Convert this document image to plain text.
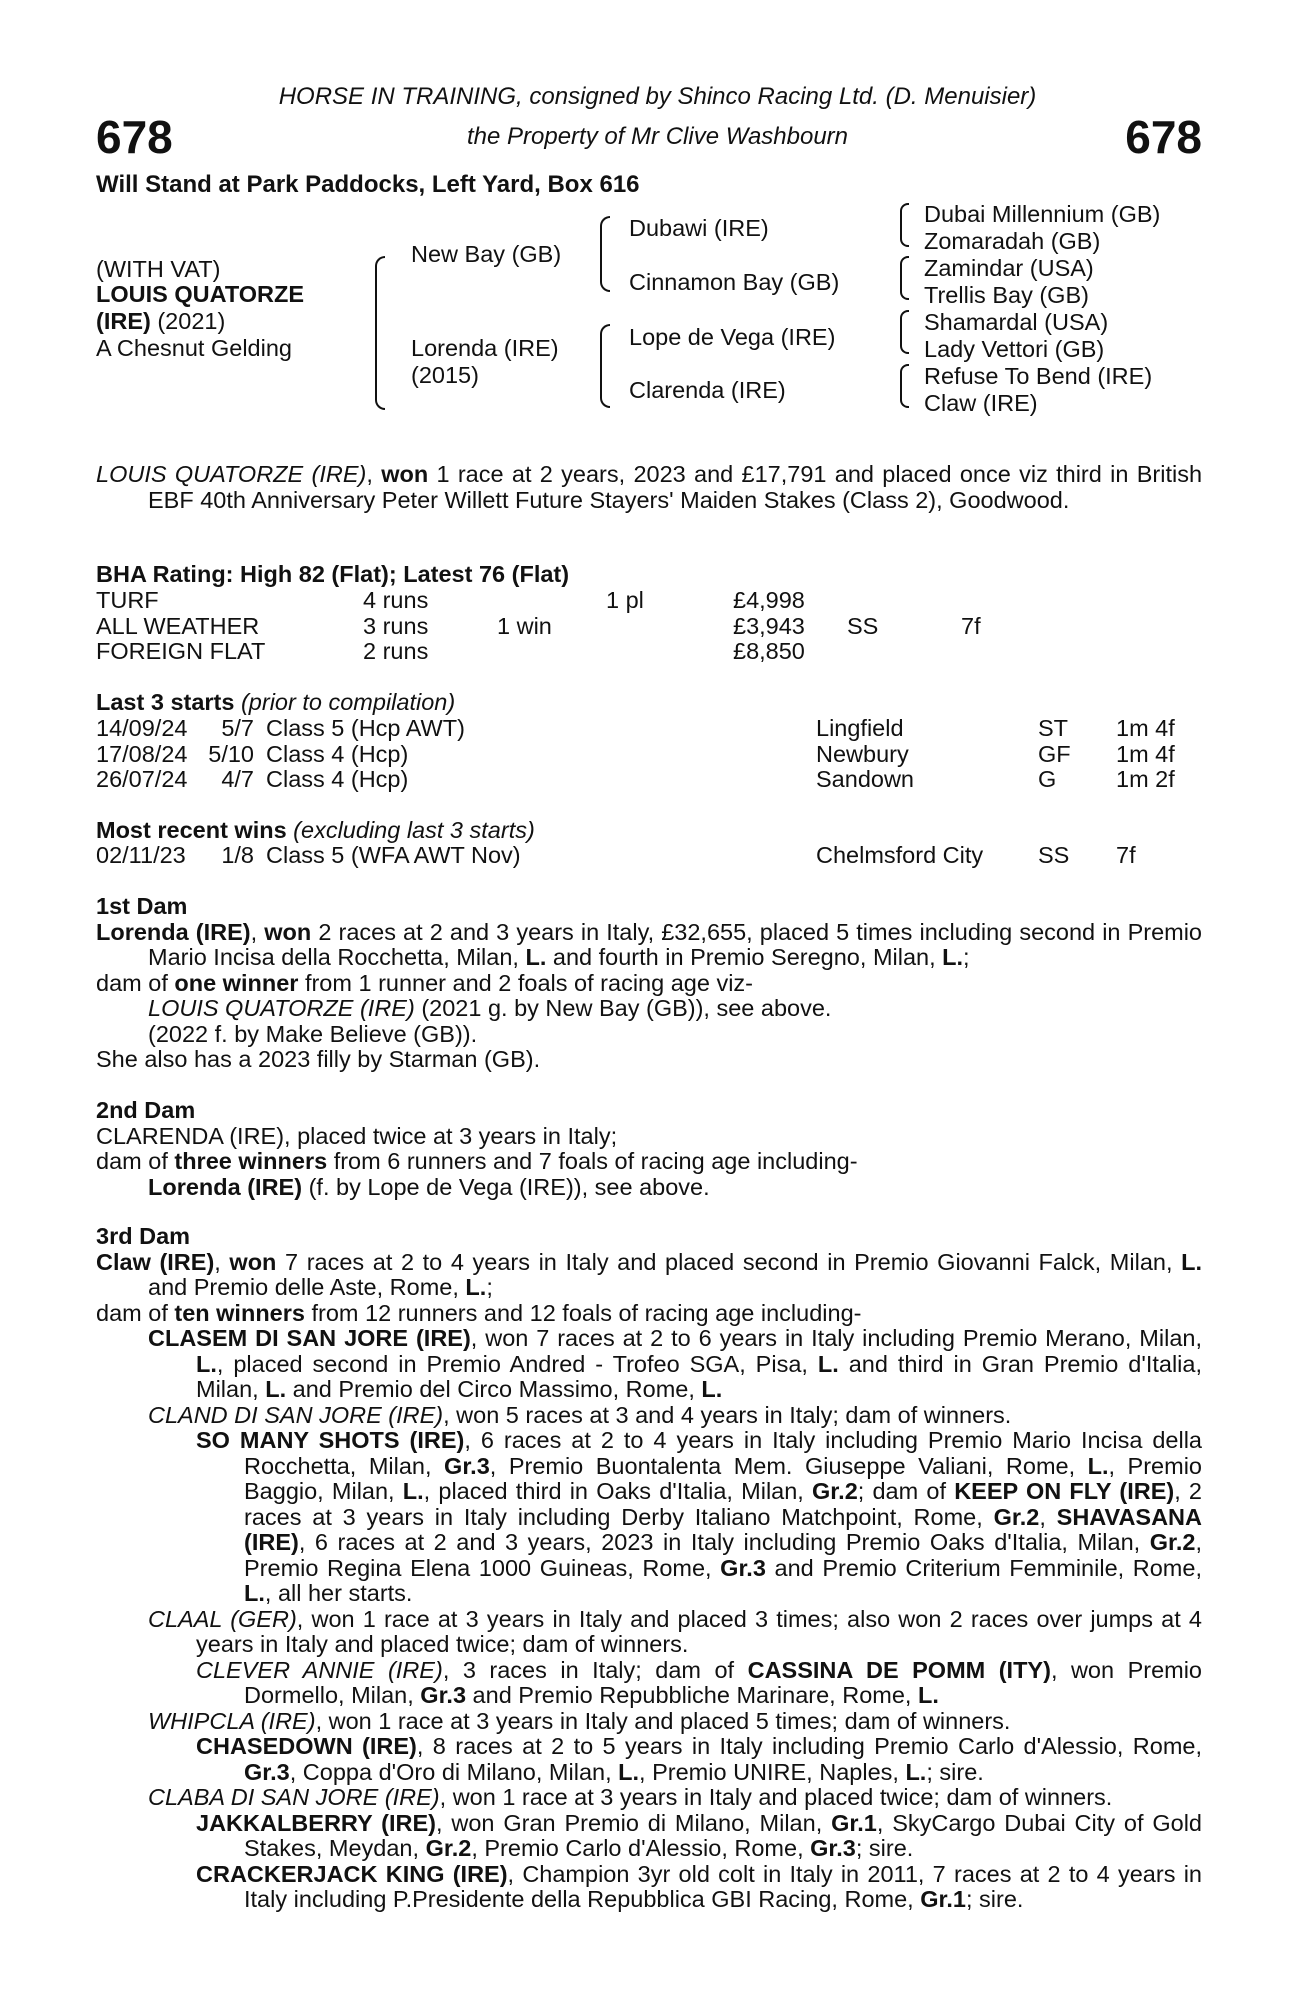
678	678
HORSE IN TRAINING, consigned by Shinco Racing Ltd. (D. Menuisier)
the Property of Mr Clive Washbourn
Will Stand at Park Paddocks, Left Yard, Box 616
(WITH VAT)
LOUIS QUATORZE
(IRE) (2021)
A Chesnut Gelding
New Bay (GB)
Lorenda (IRE)
(2015)
Dubawi (IRE)
Cinnamon Bay (GB)
Lope de Vega (IRE)
Clarenda (IRE)
Dubai Millennium (GB)
Zomaradah (GB)
Zamindar (USA)
Trellis Bay (GB)
Shamardal (USA)
Lady Vettori (GB)
Refuse To Bend (IRE)
Claw (IRE)

LOUIS QUATORZE (IRE), won 1 race at 2 years, 2023 and £17,791 and placed once viz third in British EBF 40th Anniversary Peter Willett Future Stayers' Maiden Stakes (Class 2), Goodwood.

BHA Rating: High 82 (Flat); Latest 76 (Flat)
TURF	4 runs		1 pl	£4,998		
ALL WEATHER	3 runs	1 win		£3,943	SS	7f
FOREIGN FLAT	2 runs			£8,850		
Last 3 starts (prior to compilation)
14/09/24	5/7	Class 5 (Hcp AWT)	Lingfield	ST	1m 4f
17/08/24	5/10	Class 4 (Hcp)	Newbury	GF	1m 4f
26/07/24	4/7	Class 4 (Hcp)	Sandown	G	1m 2f
Most recent wins (excluding last 3 starts)
02/11/23	1/8	Class 5 (WFA AWT Nov)	Chelmsford City	SS	7f

1st Dam

Lorenda (IRE), won 2 races at 2 and 3 years in Italy, £32,655, placed 5 times including second in Premio Mario Incisa della Rocchetta, Milan, L. and fourth in Premio Seregno, Milan, L.;

dam of one winner from 1 runner and 2 foals of racing age viz-

LOUIS QUATORZE (IRE) (2021 g. by New Bay (GB)), see above.

(2022 f. by Make Believe (GB)).

She also has a 2023 filly by Starman (GB).

2nd Dam

CLARENDA (IRE), placed twice at 3 years in Italy;

dam of three winners from 6 runners and 7 foals of racing age including-

Lorenda (IRE) (f. by Lope de Vega (IRE)), see above.

3rd Dam

Claw (IRE), won 7 races at 2 to 4 years in Italy and placed second in Premio Giovanni Falck, Milan, L. and Premio delle Aste, Rome, L.;

dam of ten winners from 12 runners and 12 foals of racing age including-

CLASEM DI SAN JORE (IRE), won 7 races at 2 to 6 years in Italy including Premio Merano, Milan, L., placed second in Premio Andred - Trofeo SGA, Pisa, L. and third in Gran Premio d'Italia, Milan, L. and Premio del Circo Massimo, Rome, L.

CLAND DI SAN JORE (IRE), won 5 races at 3 and 4 years in Italy; dam of winners.

SO MANY SHOTS (IRE), 6 races at 2 to 4 years in Italy including Premio Mario Incisa della Rocchetta, Milan, Gr.3, Premio Buontalenta Mem. Giuseppe Valiani, Rome, L., Premio Baggio, Milan, L., placed third in Oaks d'Italia, Milan, Gr.2; dam of KEEP ON FLY (IRE), 2 races at 3 years in Italy including Derby Italiano Matchpoint, Rome, Gr.2, SHAVASANA (IRE), 6 races at 2 and 3 years, 2023 in Italy including Premio Oaks d'Italia, Milan, Gr.2, Premio Regina Elena 1000 Guineas, Rome, Gr.3 and Premio Criterium Femminile, Rome, L., all her starts.

CLAAL (GER), won 1 race at 3 years in Italy and placed 3 times; also won 2 races over jumps at 4 years in Italy and placed twice; dam of winners.

CLEVER ANNIE (IRE), 3 races in Italy; dam of CASSINA DE POMM (ITY), won Premio Dormello, Milan, Gr.3 and Premio Repubbliche Marinare, Rome, L.

WHIPCLA (IRE), won 1 race at 3 years in Italy and placed 5 times; dam of winners.

CHASEDOWN (IRE), 8 races at 2 to 5 years in Italy including Premio Carlo d'Alessio, Rome, Gr.3, Coppa d'Oro di Milano, Milan, L., Premio UNIRE, Naples, L.; sire.

CLABA DI SAN JORE (IRE), won 1 race at 3 years in Italy and placed twice; dam of winners.

JAKKALBERRY (IRE), won Gran Premio di Milano, Milan, Gr.1, SkyCargo Dubai City of Gold Stakes, Meydan, Gr.2, Premio Carlo d'Alessio, Rome, Gr.3; sire.

CRACKERJACK KING (IRE), Champion 3yr old colt in Italy in 2011, 7 races at 2 to 4 years in Italy including P.Presidente della Repubblica GBI Racing, Rome, Gr.1; sire.
